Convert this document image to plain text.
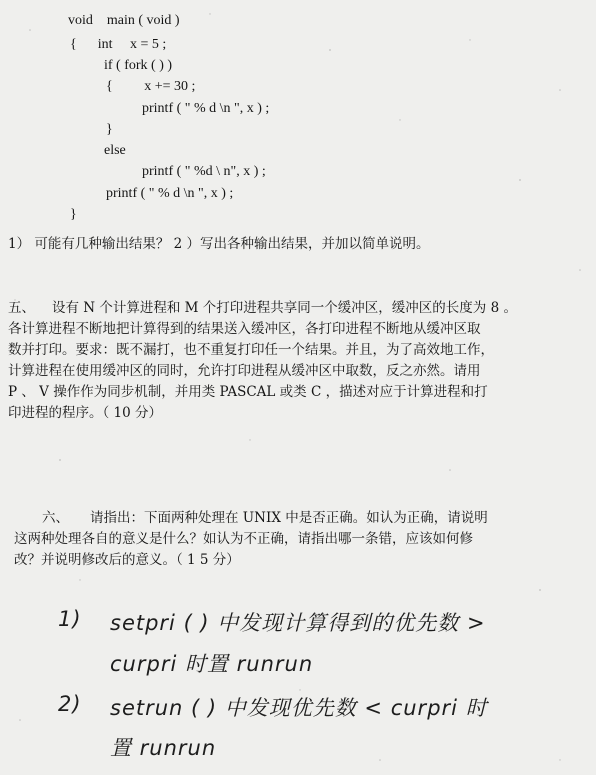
void    main ( void )
{      int     x = 5 ;
if ( fork ( ) )
{         x += 30 ;
printf ( " % d \n ", x ) ;
}
else
printf ( " %d \ n", x ) ;
printf ( " % d \n ", x ) ;
}
1） 可能有几种输出结果？ 2 ）写出各种输出结果，并加以简单说明。
五、 设有 N 个计算进程和 M 个打印进程共享同一个缓冲区，缓冲区的长度为 8 。
各计算进程不断地把计算得到的结果送入缓冲区，各打印进程不断地从缓冲区取
数并打印。要求：既不漏打，也不重复打印任一个结果。并且，为了高效地工作，
计算进程在使用缓冲区的同时，允许打印进程从缓冲区中取数，反之亦然。请用
P 、 V 操作作为同步机制，并用类 PASCAL 或类 C ，描述对应于计算进程和打
印进程的程序。（ 10 分）
六、 请指出：下面两种处理在 UNIX 中是否正确。如认为正确，请说明
这两种处理各自的意义是什么？如认为不正确，请指出哪一条错，应该如何修
改？并说明修改后的意义。（ 1 5 分）
1) setpri ( ) 中发现计算得到的优先数 >
curpri 时置 runrun
2) setrun ( ) 中发现优先数 < curpri 时
置 runrun
